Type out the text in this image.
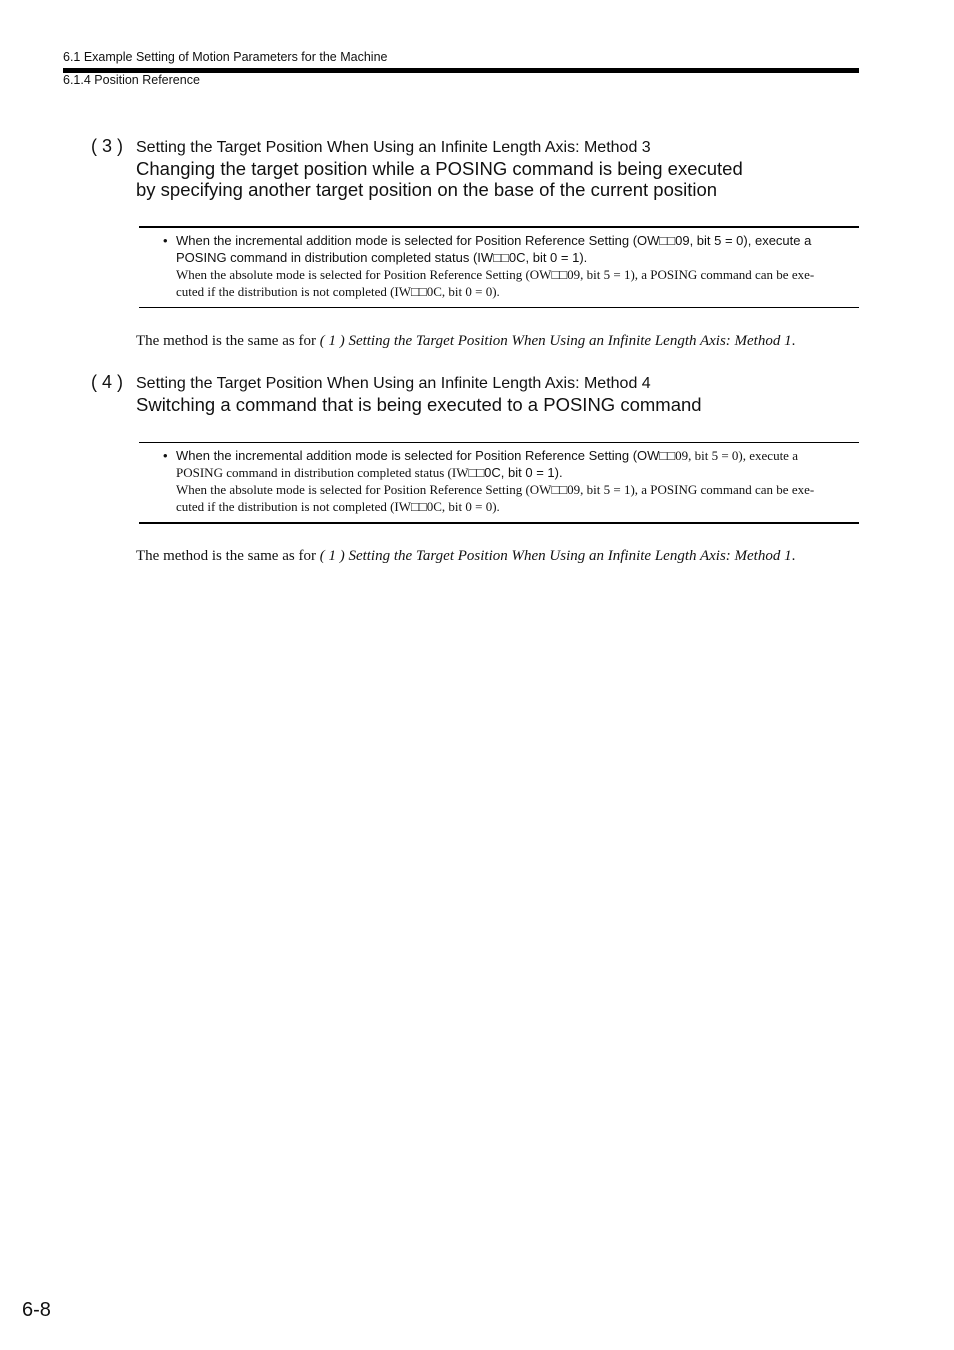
6.1 Example Setting of Motion Parameters for the Machine
6.1.4 Position Reference
( 3 ) Setting the Target Position When Using an Infinite Length Axis: Method 3
Changing the target position while a POSING command is being executed
by specifying another target position on the base of the current position
• When the incremental addition mode is selected for Position Reference Setting (OW□□09, bit 5 = 0), execute a
POSING command in distribution completed status (IW□□0C, bit 0 = 1).
When the absolute mode is selected for Position Reference Setting (OW□□09, bit 5 = 1), a POSING command can be exe-
cuted if the distribution is not completed (IW□□0C, bit 0 = 0).
The method is the same as for ( 1 ) Setting the Target Position When Using an Infinite Length Axis: Method 1.
( 4 ) Setting the Target Position When Using an Infinite Length Axis: Method 4
Switching a command that is being executed to a POSING command
• When the incremental addition mode is selected for Position Reference Setting (OW□□09, bit 5 = 0), execute a
POSING command in distribution completed status (IW□□0C, bit 0 = 1).
When the absolute mode is selected for Position Reference Setting (OW□□09, bit 5 = 1), a POSING command can be exe-
cuted if the distribution is not completed (IW□□0C, bit 0 = 0).
The method is the same as for ( 1 ) Setting the Target Position When Using an Infinite Length Axis: Method 1.
6-8
